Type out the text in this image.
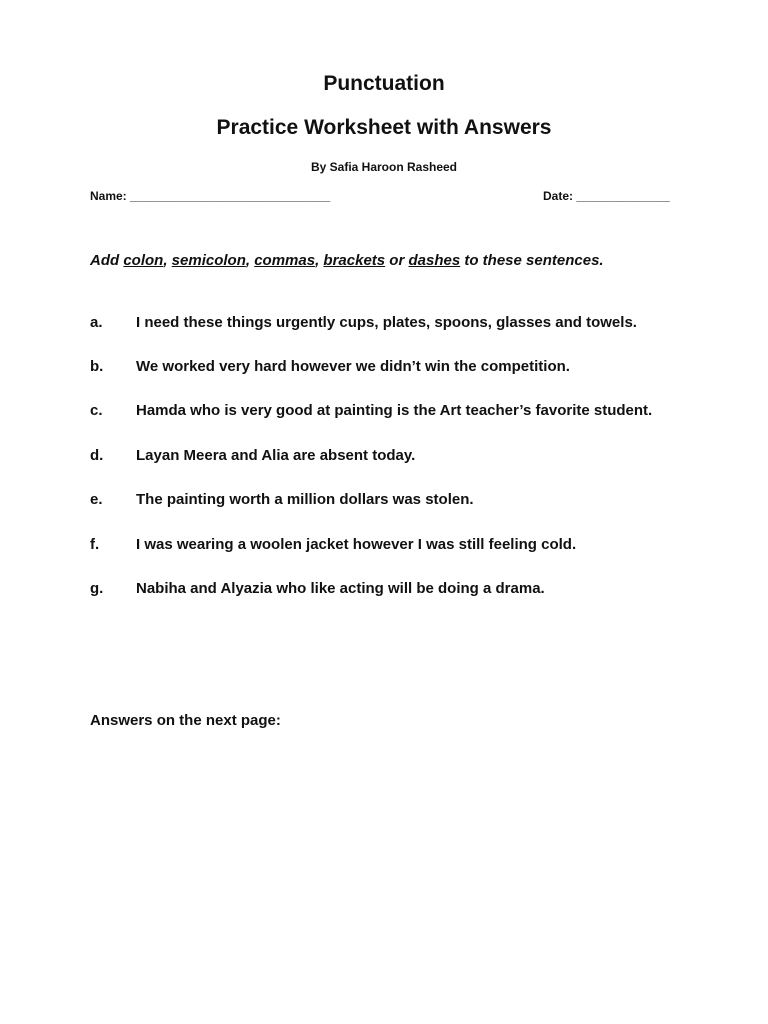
Punctuation
Practice Worksheet with Answers
By Safia Haroon Rasheed
Name: ______________________________	Date: ______________
Add colon, semicolon, commas, brackets or dashes to these sentences.
a. I need these things urgently cups, plates, spoons, glasses and towels.
b. We worked very hard however we didn’t win the competition.
c. Hamda who is very good at painting is the Art teacher’s favorite student.
d. Layan Meera and Alia are absent today.
e. The painting worth a million dollars was stolen.
f. I was wearing a woolen jacket however I was still feeling cold.
g. Nabiha and Alyazia who like acting will be doing a drama.
Answers on the next page:
